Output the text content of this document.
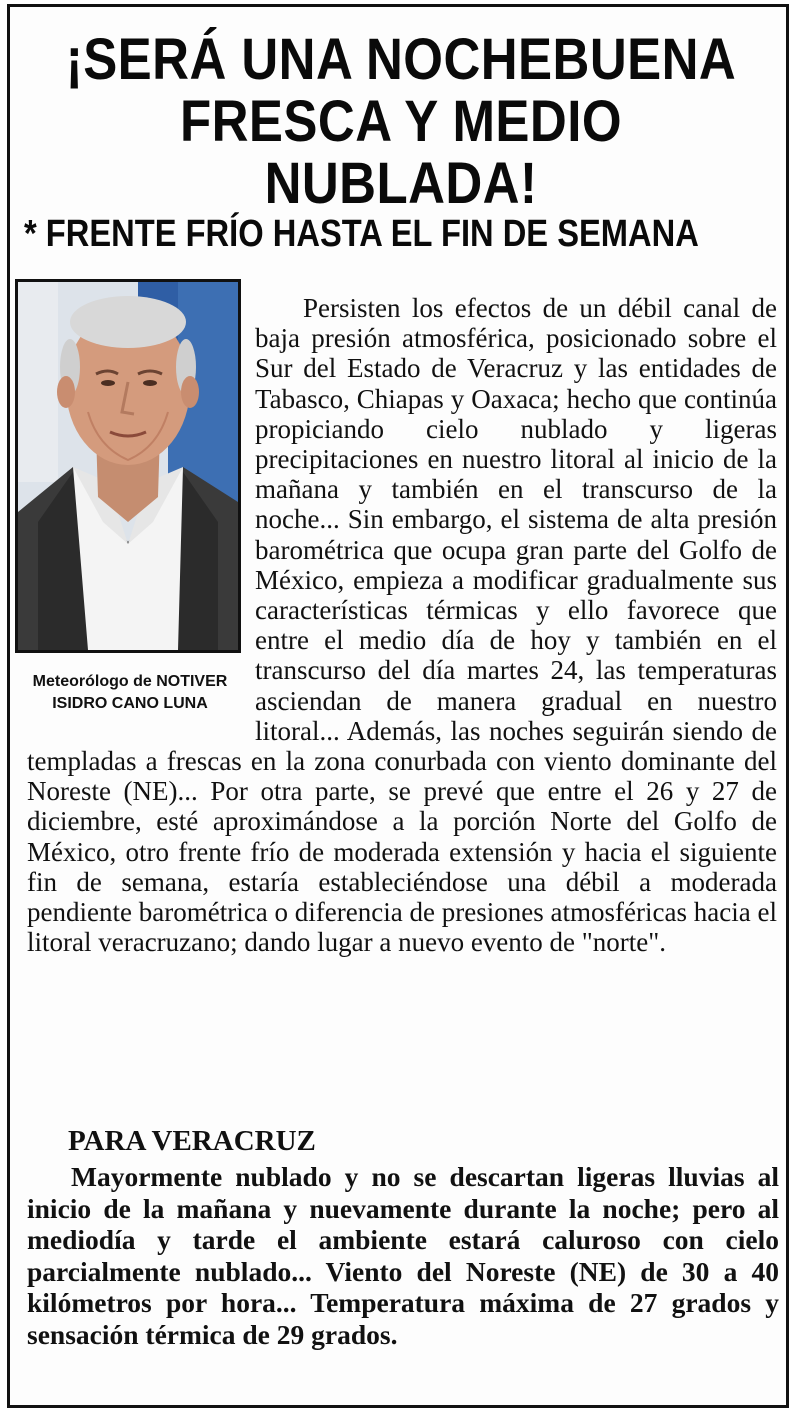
¡SERÁ UNA NOCHEBUENA FRESCA Y MEDIO NUBLADA!
* FRENTE FRÍO HASTA EL FIN DE SEMANA
Meteorólogo de NOTIVER
ISIDRO CANO LUNA

Persisten los efectos de un débil canal de baja presión atmosférica, posicionado sobre el Sur del Estado de Veracruz y las entidades de Tabasco, Chiapas y Oaxaca; hecho que continúa propiciando cielo nublado y ligeras precipitaciones en nuestro litoral al inicio de la mañana y también en el transcurso de la noche... Sin embargo, el sistema de alta presión barométrica que ocupa gran parte del Golfo de México, empieza a modificar gradualmente sus características térmicas y ello favorece que entre el medio día de hoy y también en el transcurso del día martes 24, las temperaturas asciendan de manera gradual en nuestro litoral... Además, las noches seguirán siendo de templadas a frescas en la zona conurbada con viento dominante del Noreste (NE)... Por otra parte, se prevé que entre el 26 y 27 de diciembre, esté aproximándose a la porción Norte del Golfo de México, otro frente frío de moderada extensión y hacia el siguiente fin de semana, estaría estableciéndose una débil a moderada pendiente barométrica o diferencia de presiones atmosféricas hacia el litoral veracruzano; dando lugar a nuevo evento de "norte".

PARA VERACRUZ

Mayormente nublado y no se descartan ligeras lluvias al inicio de la mañana y nuevamente durante la noche; pero al mediodía y tarde el ambiente estará caluroso con cielo parcialmente nublado... Viento del Noreste (NE) de 30 a 40 kilómetros por hora... Temperatura máxima de 27 grados y sensación térmica de 29 grados.
